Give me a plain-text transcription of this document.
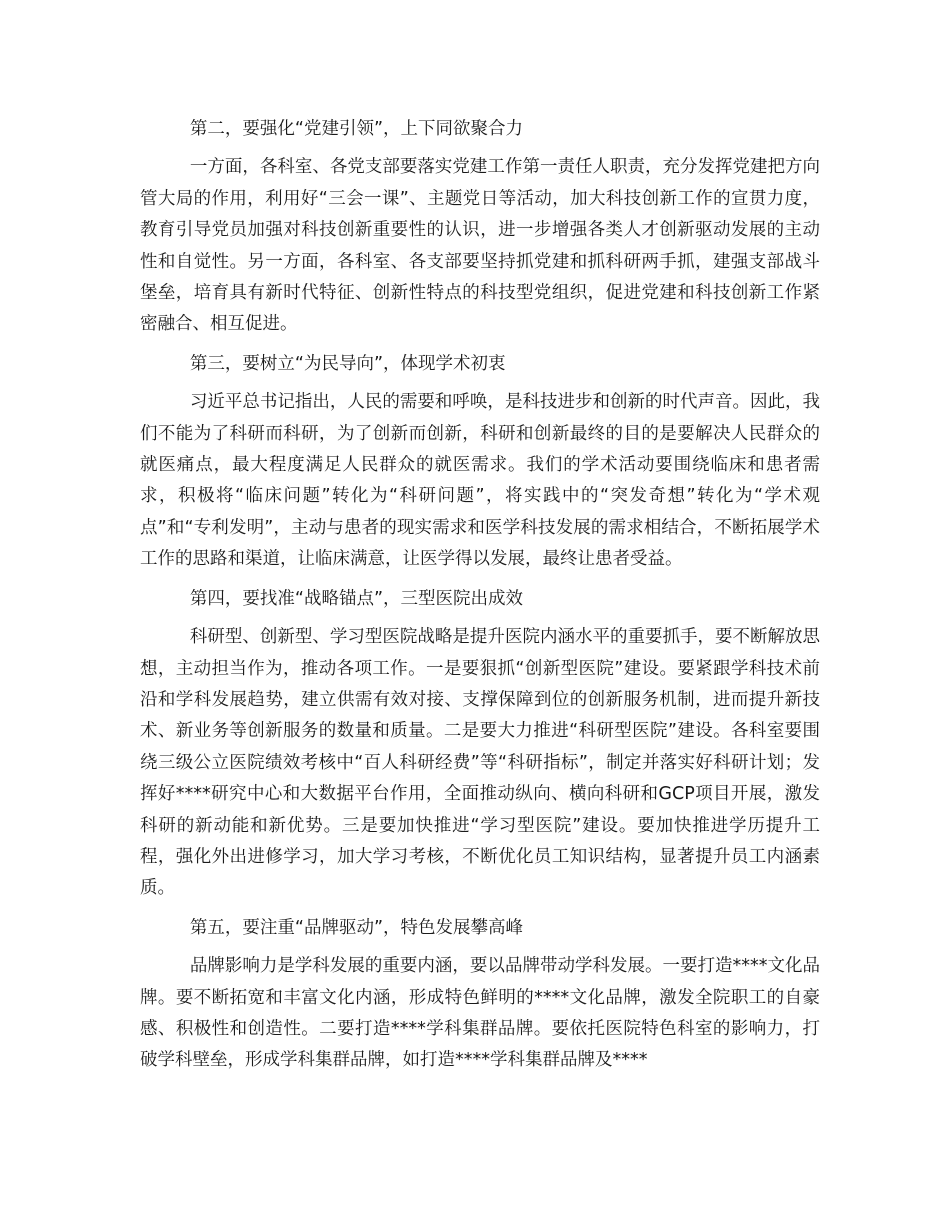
第二，要强化“党建引领”，上下同欲聚合力

一方面，各科室、各党支部要落实党建工作第一责任人职责，充分发挥党建把方向管大局的作用，利用好“三会一课”、主题党日等活动，加大科技创新工作的宣贯力度，教育引导党员加强对科技创新重要性的认识，进一步增强各类人才创新驱动发展的主动性和自觉性。另一方面，各科室、各支部要坚持抓党建和抓科研两手抓，建强支部战斗堡垒，培育具有新时代特征、创新性特点的科技型党组织，促进党建和科技创新工作紧密融合、相互促进。

第三，要树立“为民导向”，体现学术初衷

习近平总书记指出，人民的需要和呼唤，是科技进步和创新的时代声音。因此，我们不能为了科研而科研，为了创新而创新，科研和创新最终的目的是要解决人民群众的就医痛点，最大程度满足人民群众的就医需求。我们的学术活动要围绕临床和患者需求，积极将“临床问题”转化为“科研问题”，将实践中的“突发奇想”转化为“学术观点”和“专利发明”，主动与患者的现实需求和医学科技发展的需求相结合，不断拓展学术工作的思路和渠道，让临床满意，让医学得以发展，最终让患者受益。

第四，要找准“战略锚点”，三型医院出成效

科研型、创新型、学习型医院战略是提升医院内涵水平的重要抓手，要不断解放思想，主动担当作为，推动各项工作。一是要狠抓“创新型医院”建设。要紧跟学科技术前沿和学科发展趋势，建立供需有效对接、支撑保障到位的创新服务机制，进而提升新技术、新业务等创新服务的数量和质量。二是要大力推进“科研型医院”建设。各科室要围绕三级公立医院绩效考核中“百人科研经费”等“科研指标”，制定并落实好科研计划；发挥好****研究中心和大数据平台作用，全面推动纵向、横向科研和GCP项目开展，激发科研的新动能和新优势。三是要加快推进“学习型医院”建设。要加快推进学历提升工程，强化外出进修学习，加大学习考核，不断优化员工知识结构，显著提升员工内涵素质。

第五，要注重“品牌驱动”，特色发展攀高峰

品牌影响力是学科发展的重要内涵，要以品牌带动学科发展。一要打造****文化品牌。要不断拓宽和丰富文化内涵，形成特色鲜明的****文化品牌，激发全院职工的自豪感、积极性和创造性。二要打造****学科集群品牌。要依托医院特色科室的影响力，打破学科壁垒，形成学科集群品牌，如打造****学科集群品牌及****
